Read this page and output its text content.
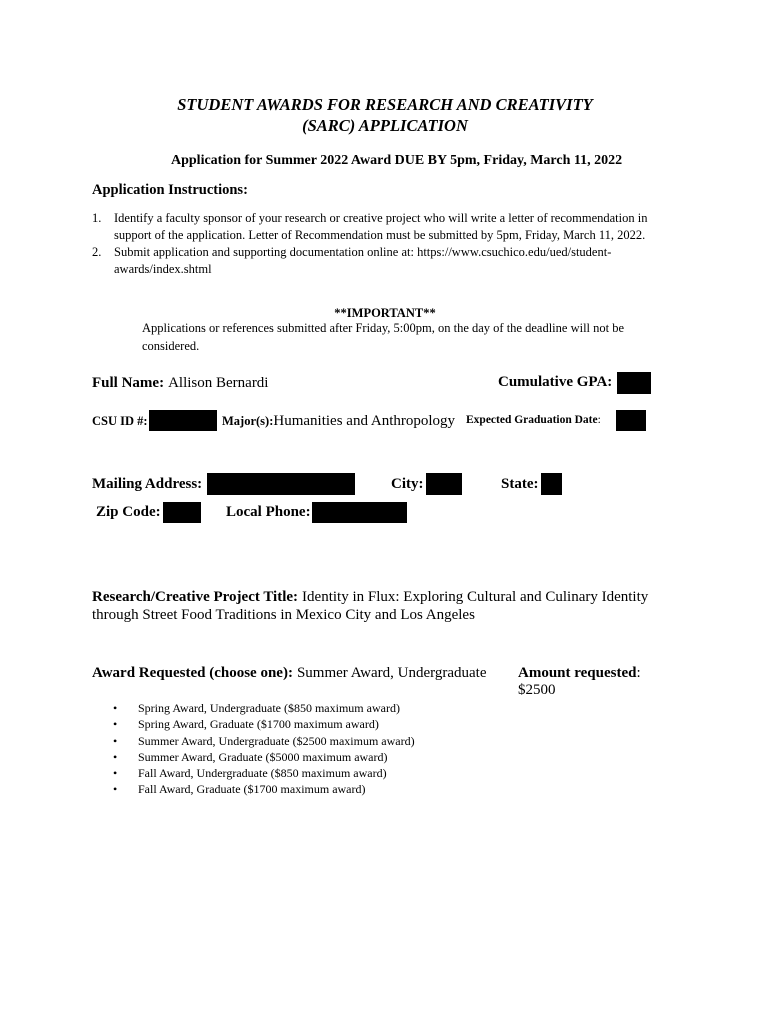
STUDENT AWARDS FOR RESEARCH AND CREATIVITY
(SARC) APPLICATION
Application for Summer 2022 Award DUE BY 5pm, Friday, March 11, 2022
Application Instructions:
1. Identify a faculty sponsor of your research or creative project who will write a letter of recommendation in
support of the application. Letter of Recommendation must be submitted by 5pm, Friday, March 11, 2022.
2. Submit application and supporting documentation online at: https://www.csuchico.edu/ued/student-
awards/index.shtml
**IMPORTANT**
Applications or references submitted after Friday, 5:00pm, on the day of the deadline will not be
considered.
Full Name: Allison Bernardi	Cumulative GPA:
CSU ID #:	Major(s):Humanities and Anthropology Expected Graduation Date:
Mailing Address:	City:	State:
Zip Code:	Local Phone:
Research/Creative Project Title: Identity in Flux: Exploring Cultural and Culinary Identity
through Street Food Traditions in Mexico City and Los Angeles
Award Requested (choose one): Summer Award, Undergraduate Amount requested:
$2500
• Spring Award, Undergraduate ($850 maximum award)
• Spring Award, Graduate ($1700 maximum award)
• Summer Award, Undergraduate ($2500 maximum award)
• Summer Award, Graduate ($5000 maximum award)
• Fall Award, Undergraduate ($850 maximum award)
• Fall Award, Graduate ($1700 maximum award)
